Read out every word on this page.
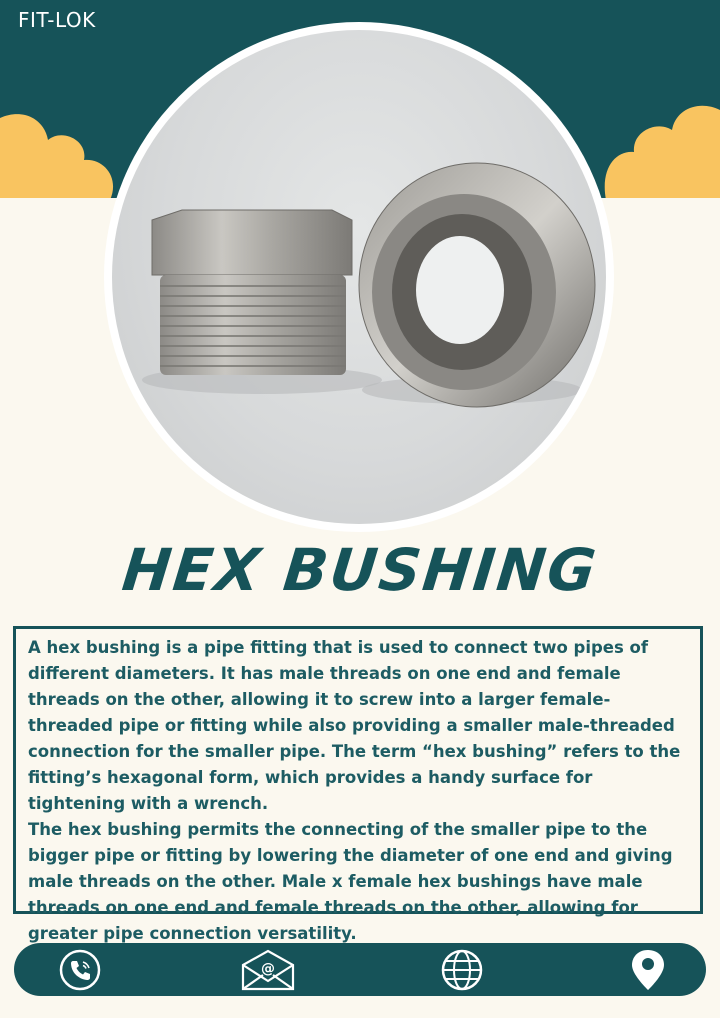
FIT-LOK
HEX BUSHING

A hex bushing is a pipe fitting that is used to connect two pipes of different diameters. It has male threads on one end and female threads on the other, allowing it to screw into a larger female-threaded pipe or fitting while also providing a smaller male-threaded connection for the smaller pipe. The term “hex bushing” refers to the fitting’s hexagonal form, which provides a handy surface for tightening with a wrench.

The hex bushing permits the connecting of the smaller pipe to the bigger pipe or fitting by lowering the diameter of one end and giving male threads on the other. Male x female hex bushings have male threads on one end and female threads on the other, allowing for greater pipe connection versatility.

@
